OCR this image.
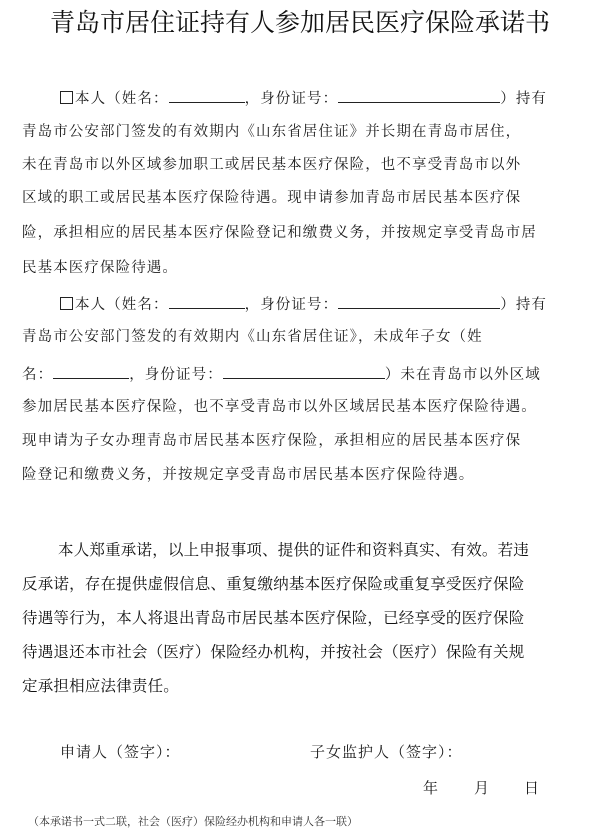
青岛市居住证持有人参加居民医疗保险承诺书
本人（姓名：	，身份证号：	）持有
青岛市公安部门签发的有效期内《山东省居住证》并长期在青岛市居住，
未在青岛市以外区域参加职工或居民基本医疗保险，也不享受青岛市以外
区域的职工或居民基本医疗保险待遇。现申请参加青岛市居民基本医疗保
险，承担相应的居民基本医疗保险登记和缴费义务，并按规定享受青岛市居
民基本医疗保险待遇。
本人（姓名：	，身份证号：	）持有
青岛市公安部门签发的有效期内《山东省居住证》，未成年子女（姓
名：	，身份证号：	）未在青岛市以外区域
参加居民基本医疗保险，也不享受青岛市以外区域居民基本医疗保险待遇。
现申请为子女办理青岛市居民基本医疗保险，承担相应的居民基本医疗保
险登记和缴费义务，并按规定享受青岛市居民基本医疗保险待遇。
本人郑重承诺，以上申报事项、提供的证件和资料真实、有效。若违
反承诺，存在提供虚假信息、重复缴纳基本医疗保险或重复享受医疗保险
待遇等行为，本人将退出青岛市居民基本医疗保险，已经享受的医疗保险
待遇退还本市社会（医疗）保险经办机构，并按社会（医疗）保险有关规
定承担相应法律责任。
申请人（签字）：	子女监护人（签字）：
年 月 日
（本承诺书一式二联，社会（医疗）保险经办机构和申请人各一联）
